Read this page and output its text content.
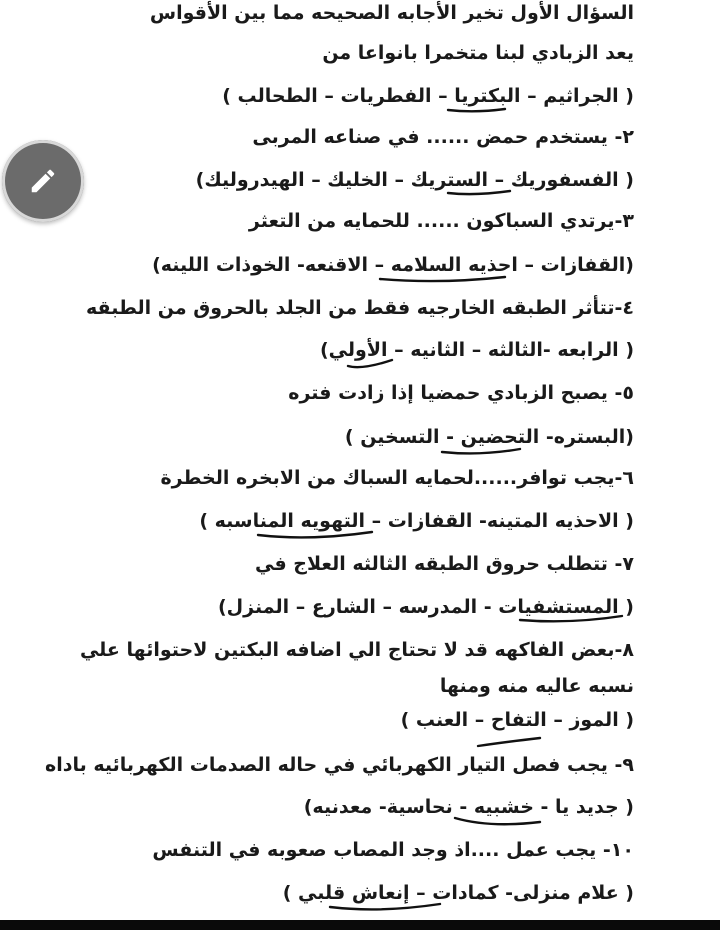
السؤال الأول تخير الأجابه الصحيحه مما بين الأقواس
يعد الزبادي لبنا متخمرا بانواعا من
( الجراثيم – البكتريا – الفطريات – الطحالب )
٢- يستخدم حمض ...... في صناعه المربى
( الفسفوريك – الستريك – الخليك – الهيدروليك)
٣-يرتدي السباكون ...... للحمايه من التعثر
(القفازات – احذيه السلامه – الاقنعه- الخوذات اللينه)
٤-تتأثر الطبقه الخارجيه فقط من الجلد بالحروق من الطبقه
( الرابعه -الثالثه – الثانيه – الأولي)
٥- يصبح الزبادي حمضيا إذا زادت فتره
(البستره- التحضين - التسخين )
٦-يجب توافر......لحمايه السباك من الابخره الخطرة
( الاحذيه المتينه- القفازات – التهويه المناسبه )
٧- تتطلب حروق الطبقه الثالثه العلاج في
( المستشفيات - المدرسه – الشارع – المنزل)
٨-بعض الفاكهه قد لا تحتاج الي اضافه البكتين لاحتوائها علي نسبه عاليه منه ومنها
( الموز – التفاح – العنب )
٩- يجب فصل التيار الكهربائي في حاله الصدمات الكهربائيه باداه
( جديد يا - خشبيه - نحاسية- معدنيه)
١٠- يجب عمل ....اذ وجد المصاب صعوبه في التنفس
( علام منزلى- كمادات – إنعاش قلبي )
